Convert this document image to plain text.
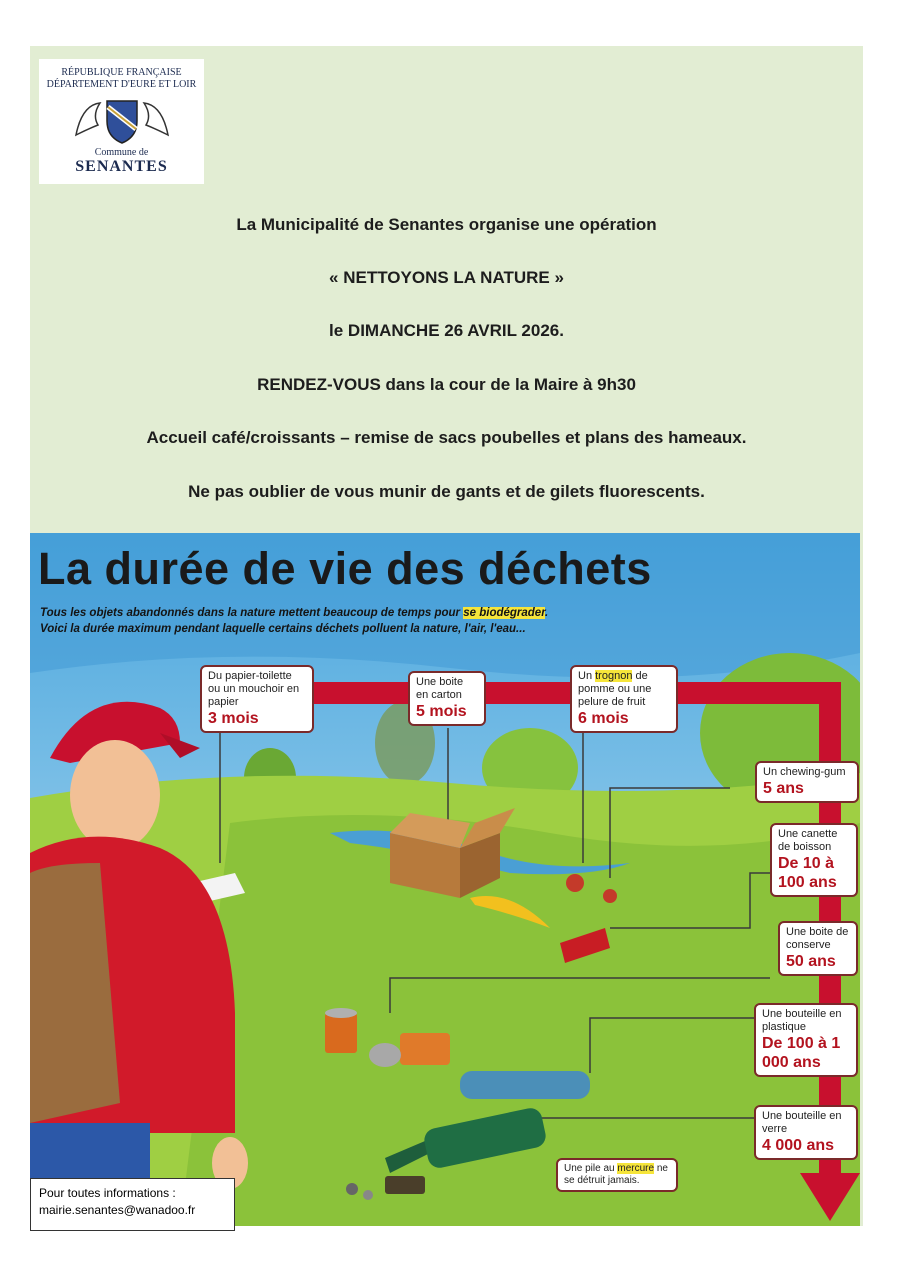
RÉPUBLIQUE FRANÇAISE
DÉPARTEMENT D'EURE ET LOIR
Commune de
SENANTES
La Municipalité de Senantes organise une opération
« NETTOYONS LA NATURE »
le DIMANCHE 26 AVRIL 2026.
RENDEZ-VOUS dans la cour de la Maire à 9h30
Accueil café/croissants – remise de sacs poubelles et plans des hameaux.
Ne pas oublier de vous munir de gants et de gilets fluorescents.
La durée de vie des déchets
Tous les objets abandonnés dans la nature mettent beaucoup de temps pour se biodégrader.
Voici la durée maximum pendant laquelle certains déchets polluent la nature, l'air, l'eau...
Du papier-toilette ou un mouchoir en papier
3 mois
Une boite en carton
5 mois
Un trognon de pomme ou une pelure de fruit
6 mois
Un chewing-gum
5 ans
Une canette de boisson
De 10 à 100 ans
Une boite de conserve
50 ans
Une bouteille en plastique
De 100 à 1 000 ans
Une bouteille en verre
4 000 ans
Une pile au mercure ne se détruit jamais.
Pour toutes informations :
mairie.senantes@wanadoo.fr
